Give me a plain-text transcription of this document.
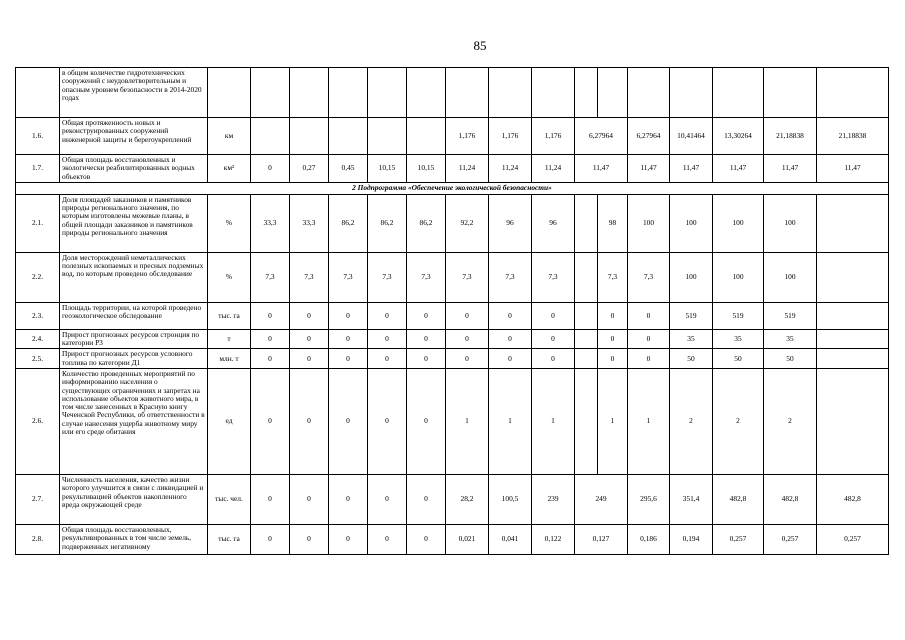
85
	в общем количестве гидротехнических сооружений с неудовлетворительным и опасным уровнем безопасности в 2014-2020 годах																
1.6.	Общая протяженность новых и реконструированных сооружений инженерной защиты и берегоукреплений	км						1,176	1,176	1,176	6,27964		6,27964	10,41464	13,30264	21,18838	21,18838
1.7.	Общая площадь восстановленных и экологически реабилитированных водных объектов	км²	0	0,27	0,45	10,15	10,15	11,24	11,24	11,24	11,47		11,47	11,47	11,47	11,47	11,47
2 Подпрограмма «Обеспечение экологической безопасности»																	
2.1.	Доля площадей заказников и памятников природы регионального значения, по которым изготовлены межевые планы, в общей площади заказников и памятников природы регионального значения	%	33,3	33,3	86,2	86,2	86,2	92,2	96	96		98	100	100	100	100	
2.2.	Доля месторождений неметаллических полезных ископаемых и пресных подземных вод, по которым проведено обследование	%	7,3	7,3	7,3	7,3	7,3	7,3	7,3	7,3		7,3	7,3	100	100	100	
2.3.	Площадь территории, на которой проведено геоэкологическое обследование	тыс. га	0	0	0	0	0	0	0	0		0	0	519	519	519	
2.4.	Прирост прогнозных ресурсов стронция по категории Р3	т	0	0	0	0	0	0	0	0		0	0	35	35	35	
2.5.	Прирост прогнозных ресурсов условного топлива по категории Д1	млн. т	0	0	0	0	0	0	0	0		0	0	50	50	50	
2.6.	Количество проведенных мероприятий по информированию населения о существующих ограничениях и запретах на использование объектов животного мира, в том числе занесенных в Красную книгу Чеченской Республики, об ответственности в случае нанесения ущерба животному миру или его среде обитания	ед	0	0	0	0	0	1	1	1		1	1	2	2	2	
2.7.	Численность населения, качество жизни которого улучшится в связи с ликвидацией и рекультивацией объектов накопленного вреда окружающей среде	тыс. чел.	0	0	0	0	0	28,2	100,5	239	249		295,6	351,4	482,8	482,8	482,8
2.8.	Общая площадь восстановленных, рекультивированных в том числе земель, подверженных негативному	тыс. га	0	0	0	0	0	0,021	0,041	0,122	0,127		0,186	0,194	0,257	0,257	0,257
